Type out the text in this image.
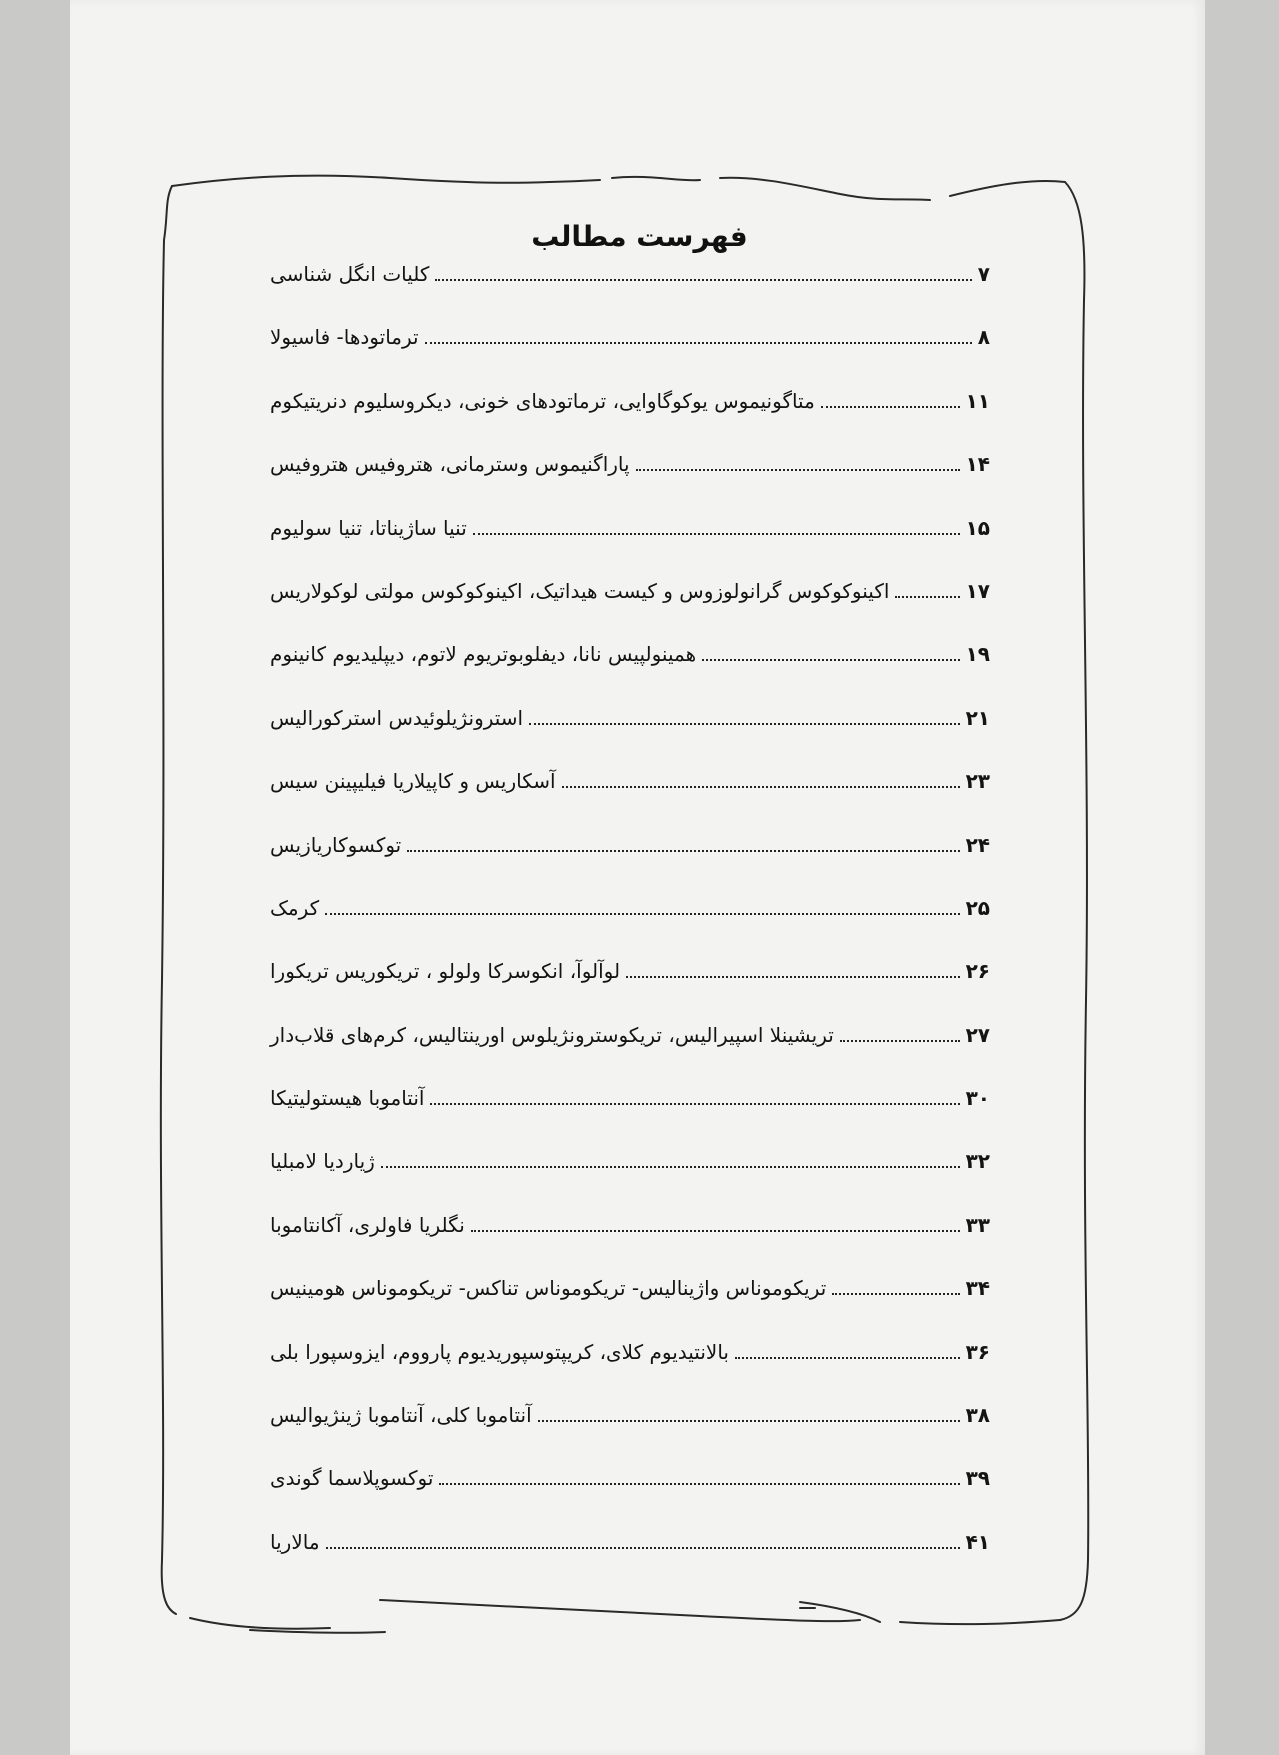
فهرست مطالب
کلیات انگل شناسی	۷
ترماتودها- فاسیولا	۸
متاگونیموس یوکوگاوایی، ترماتودهای خونی، دیکروسلیوم دنریتیکوم	۱۱
پاراگنیموس وسترمانی، هتروفیس هتروفیس	۱۴
تنیا ساژیناتا، تنیا سولیوم	۱۵
اکینوکوکوس گرانولوزوس و کیست هیداتیک، اکینوکوکوس مولتی لوکولاریس	۱۷
همینولپیس نانا، دیفلوبوتریوم لاتوم، دیپلیدیوم کانینوم	۱۹
استرونژیلوئیدس استرکورالیس	۲۱
آسکاریس و کاپیلاریا فیلیپینن سیس	۲۳
توکسوکاریازیس	۲۴
کرمک	۲۵
لوآلوآ، انکوسرکا ولولو ، تریکوریس تریکورا	۲۶
تریشینلا اسپیرالیس، تریکوسترونژیلوس اورینتالیس، کرم‌های قلاب‌دار	۲۷
آنتاموبا هیستولیتیکا	۳۰
ژیاردیا لامبلیا	۳۲
نگلریا فاولری، آکانتاموبا	۳۳
تریکوموناس واژینالیس- تریکوموناس تناکس- تریکوموناس هومینیس	۳۴
بالانتیدیوم کلای، کریپتوسپوریدیوم پارووم، ایزوسپورا بلی	۳۶
آنتاموبا کلی، آنتاموبا ژینژیوالیس	۳۸
توکسوپلاسما گوندی	۳۹
مالاریا	۴۱
